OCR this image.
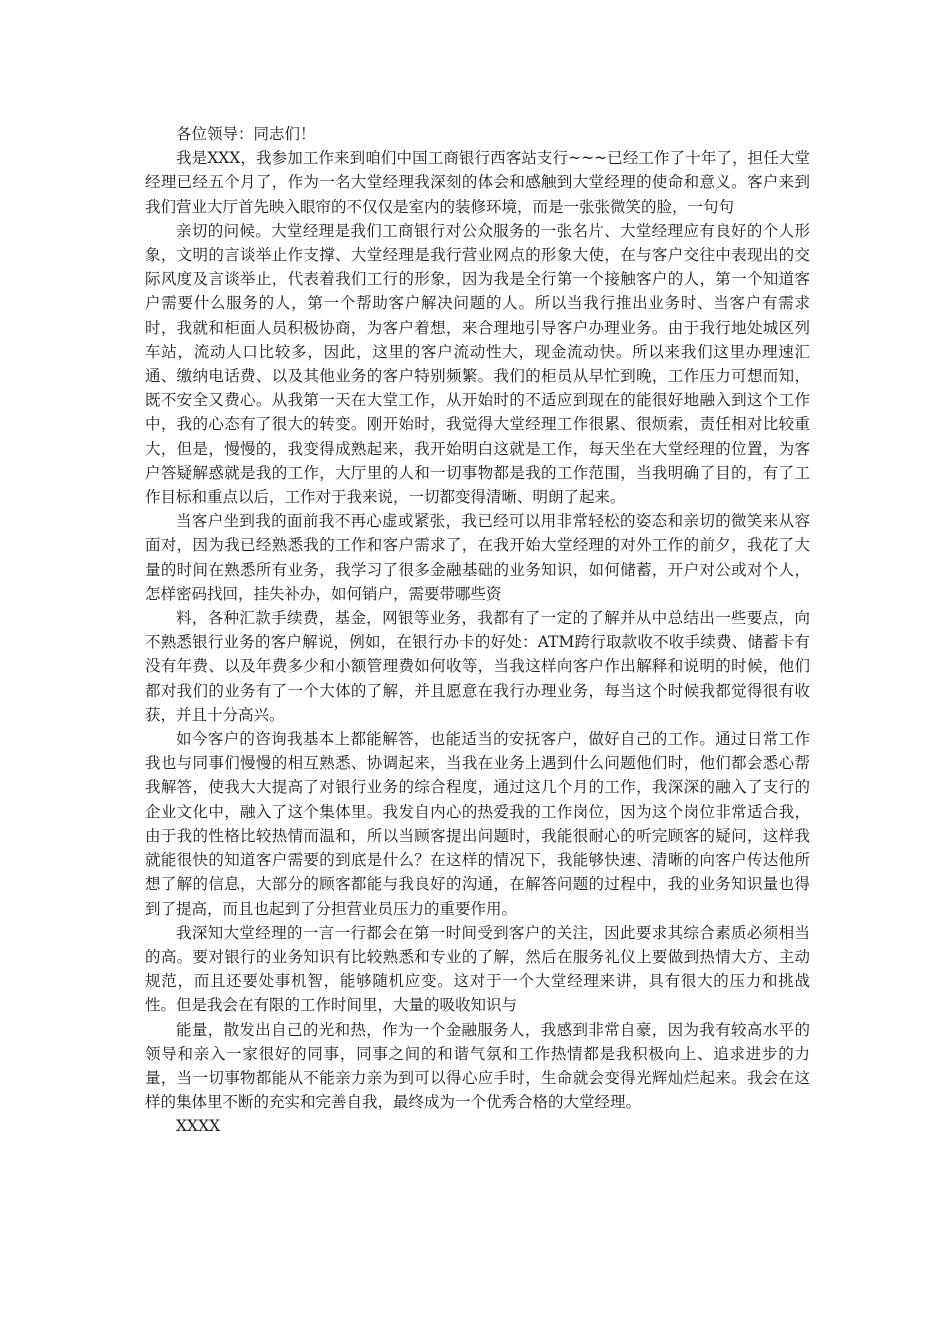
各位领导：同志们！

我是XXX，我参加工作来到咱们中国工商银行西客站支行~~~已经工作了十年了，担任大堂经理已经五个月了，作为一名大堂经理我深刻的体会和感触到大堂经理的使命和意义。客户来到我们营业大厅首先映入眼帘的不仅仅是室内的装修环境，而是一张张微笑的脸，一句句

亲切的问候。大堂经理是我们工商银行对公众服务的一张名片、大堂经理应有良好的个人形象，文明的言谈举止作支撑、大堂经理是我行营业网点的形象大使，在与客户交往中表现出的交际风度及言谈举止，代表着我们工行的形象，因为我是全行第一个接触客户的人，第一个知道客户需要什么服务的人，第一个帮助客户解决问题的人。所以当我行推出业务时、当客户有需求时，我就和柜面人员积极协商，为客户着想，来合理地引导客户办理业务。由于我行地处城区列车站，流动人口比较多，因此，这里的客户流动性大，现金流动快。所以来我们这里办理速汇通、缴纳电话费、以及其他业务的客户特别频繁。我们的柜员从早忙到晚，工作压力可想而知，既不安全又费心。从我第一天在大堂工作，从开始时的不适应到现在的能很好地融入到这个工作中，我的心态有了很大的转变。刚开始时，我觉得大堂经理工作很累、很烦索，责任相对比较重大，但是，慢慢的，我变得成熟起来，我开始明白这就是工作，每天坐在大堂经理的位置，为客户答疑解惑就是我的工作，大厅里的人和一切事物都是我的工作范围，当我明确了目的，有了工作目标和重点以后，工作对于我来说，一切都变得清晰、明朗了起来。

当客户坐到我的面前我不再心虚或紧张，我已经可以用非常轻松的姿态和亲切的微笑来从容面对，因为我已经熟悉我的工作和客户需求了，在我开始大堂经理的对外工作的前夕，我花了大量的时间在熟悉所有业务，我学习了很多金融基础的业务知识，如何储蓄，开户对公或对个人，怎样密码找回，挂失补办，如何销户，需要带哪些资

料，各种汇款手续费，基金，网银等业务，我都有了一定的了解并从中总结出一些要点，向不熟悉银行业务的客户解说，例如，在银行办卡的好处：ATM跨行取款收不收手续费、储蓄卡有没有年费、以及年费多少和小额管理费如何收等，当我这样向客户作出解释和说明的时候，他们都对我们的业务有了一个大体的了解，并且愿意在我行办理业务，每当这个时候我都觉得很有收获，并且十分高兴。

如今客户的咨询我基本上都能解答，也能适当的安抚客户，做好自己的工作。通过日常工作我也与同事们慢慢的相互熟悉、协调起来，当我在业务上遇到什么问题他们时，他们都会悉心帮我解答，使我大大提高了对银行业务的综合程度，通过这几个月的工作，我深深的融入了支行的企业文化中，融入了这个集体里。我发自内心的热爱我的工作岗位，因为这个岗位非常适合我，由于我的性格比较热情而温和，所以当顾客提出问题时，我能很耐心的听完顾客的疑问，这样我就能很快的知道客户需要的到底是什么？在这样的情况下，我能够快速、清晰的向客户传达他所想了解的信息，大部分的顾客都能与我良好的沟通，在解答问题的过程中，我的业务知识量也得到了提高，而且也起到了分担营业员压力的重要作用。

我深知大堂经理的一言一行都会在第一时间受到客户的关注，因此要求其综合素质必须相当的高。要对银行的业务知识有比较熟悉和专业的了解，然后在服务礼仪上要做到热情大方、主动规范，而且还要处事机智，能够随机应变。这对于一个大堂经理来讲，具有很大的压力和挑战性。但是我会在有限的工作时间里，大量的吸收知识与

能量，散发出自己的光和热，作为一个金融服务人，我感到非常自豪，因为我有较高水平的领导和亲入一家很好的同事，同事之间的和谐气氛和工作热情都是我积极向上、追求进步的力量，当一切事物都能从不能亲力亲为到可以得心应手时，生命就会变得光辉灿烂起来。我会在这样的集体里不断的充实和完善自我，最终成为一个优秀合格的大堂经理。

XXXX
